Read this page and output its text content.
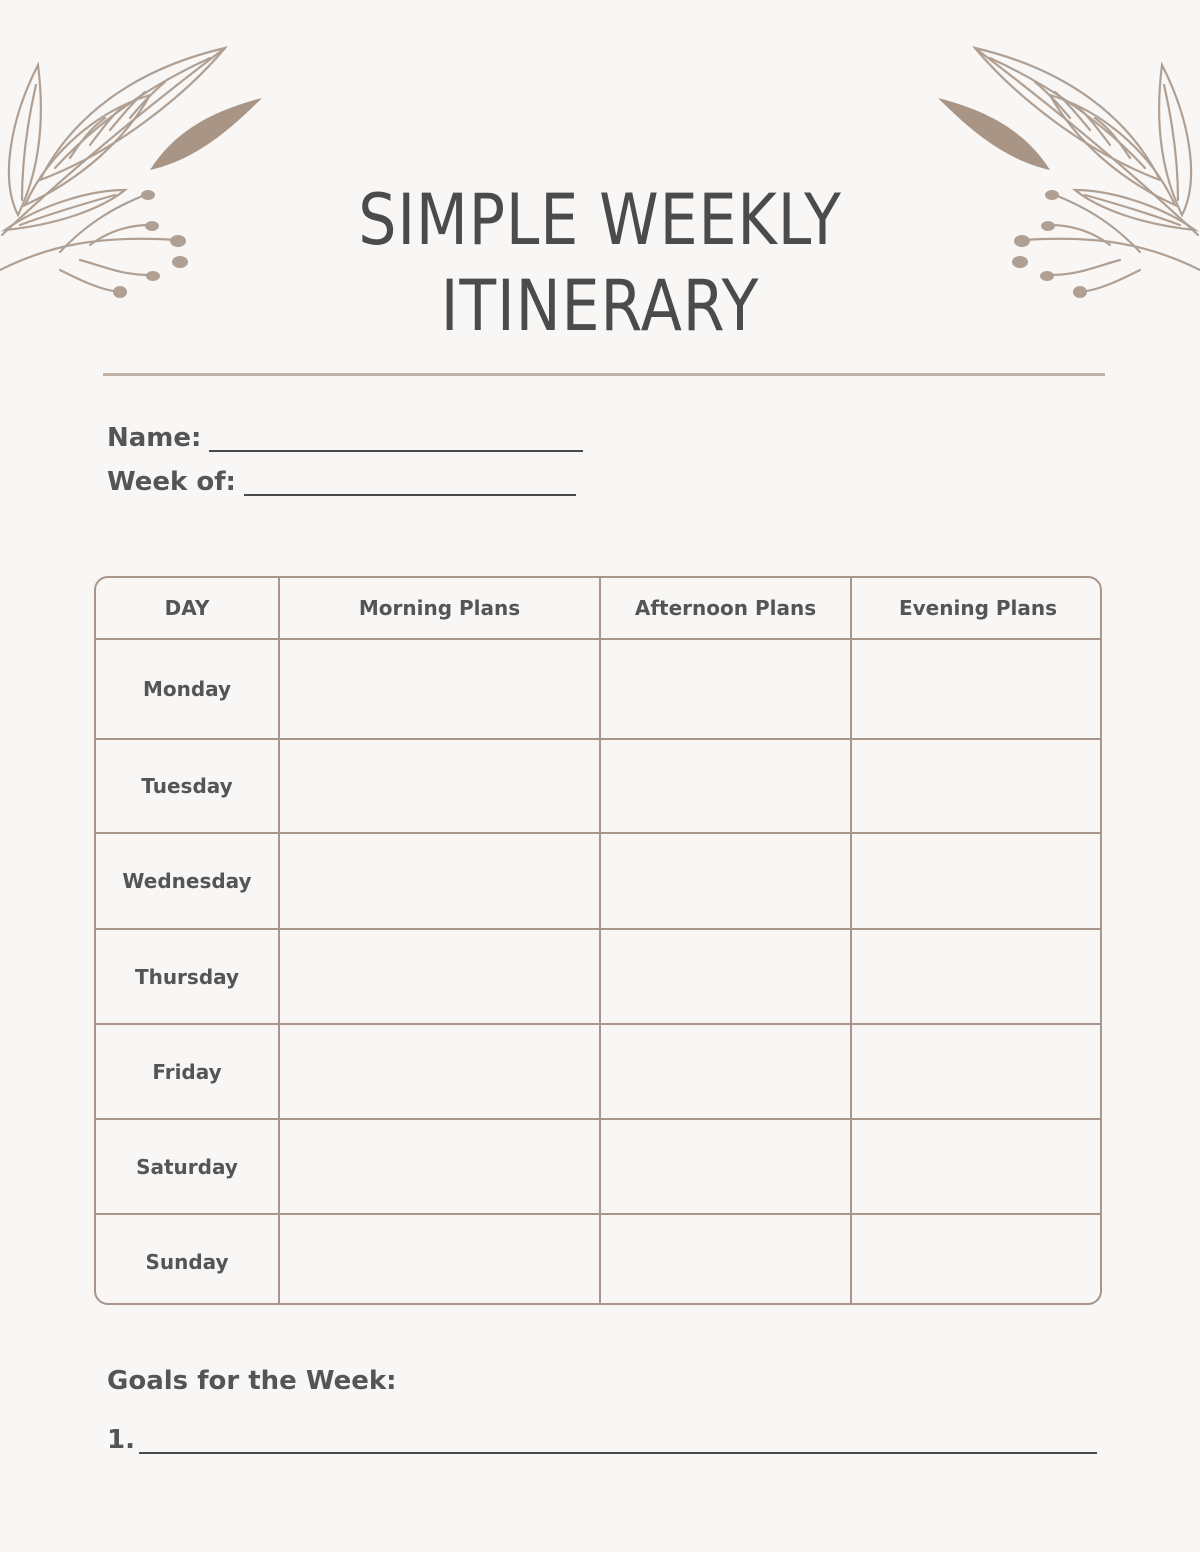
SIMPLE WEEKLY
ITINERARY
Name:
Week of:
DAY	Morning Plans	Afternoon Plans	Evening Plans
Monday			
Tuesday			
Wednesday			
Thursday			
Friday			
Saturday			
Sunday			
Goals for the Week:
1.
